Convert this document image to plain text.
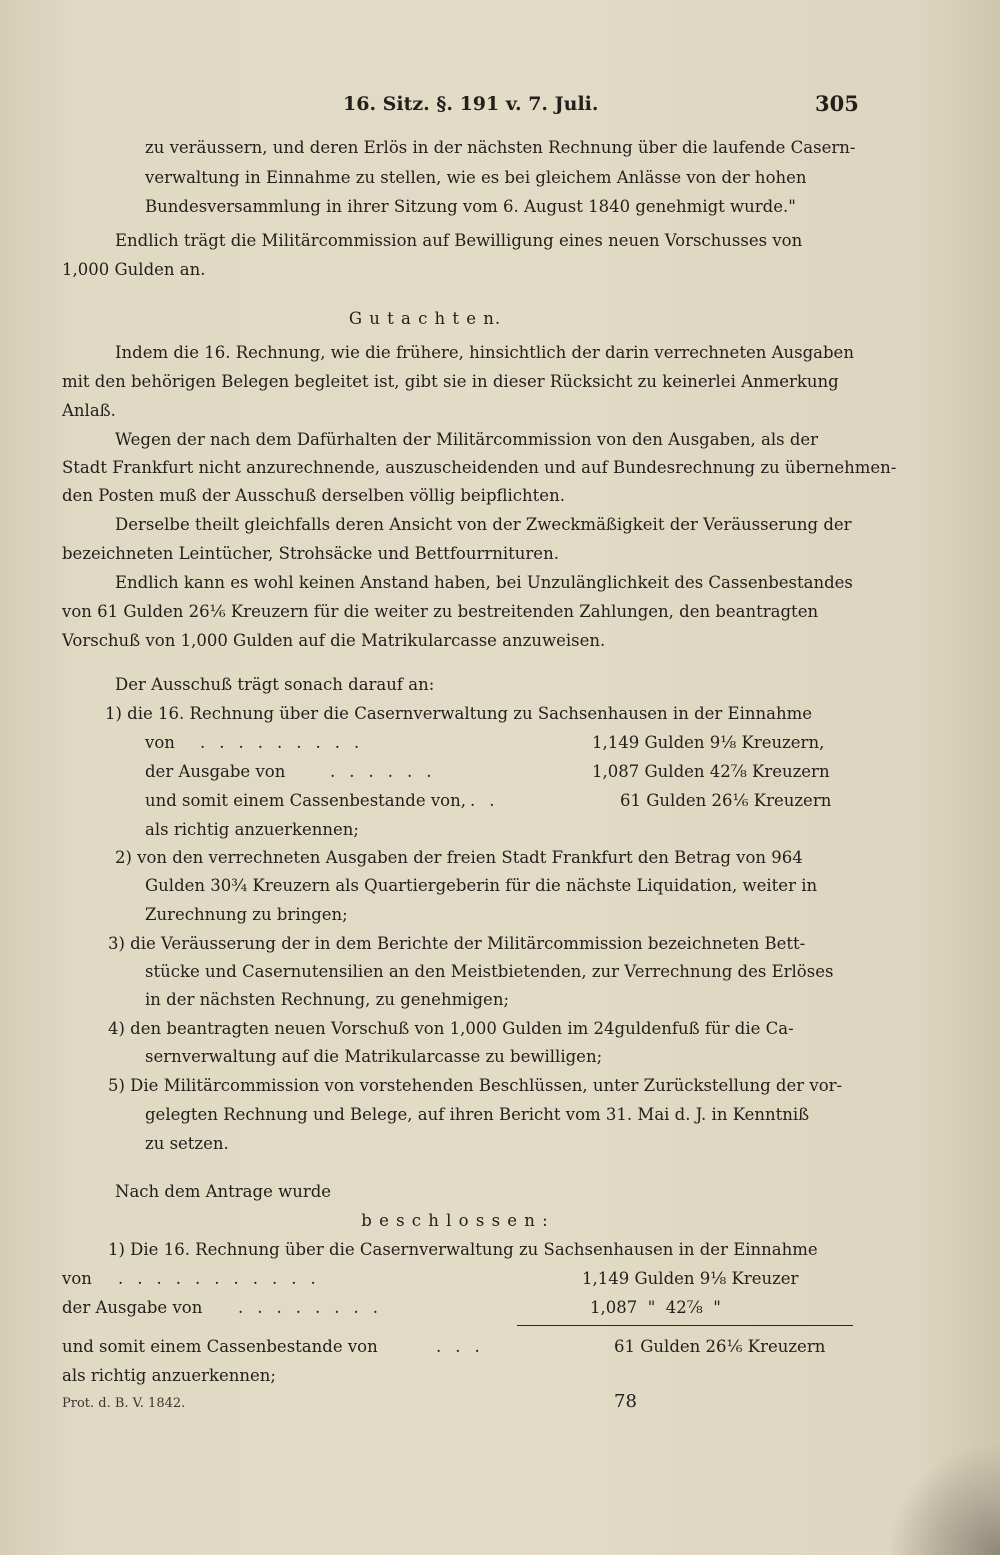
16. Sitz. §. 191 v. 7. Juli.	305
zu veräussern, und deren Erlös in der nächsten Rechnung über die laufende Casern-
verwaltung in Einnahme zu stellen, wie es bei gleichem Anlässe von der hohen
Bundesversammlung in ihrer Sitzung vom 6. August 1840 genehmigt wurde."
Endlich trägt die Militärcommission auf Bewilligung eines neuen Vorschusses von
1,000 Gulden an.
G u t a c h t e n.
Indem die 16. Rechnung, wie die frühere, hinsichtlich der darin verrechneten Ausgaben
mit den behörigen Belegen begleitet ist, gibt sie in dieser Rücksicht zu keinerlei Anmerkung
Anlaß.
Wegen der nach dem Dafürhalten der Militärcommission von den Ausgaben, als der
Stadt Frankfurt nicht anzurechnende, auszuscheidenden und auf Bundesrechnung zu übernehmen-
den Posten muß der Ausschuß derselben völlig beipflichten.
Derselbe theilt gleichfalls deren Ansicht von der Zweckmäßigkeit der Veräusserung der
bezeichneten Leintücher, Strohsäcke und Bettfourrnituren.
Endlich kann es wohl keinen Anstand haben, bei Unzulänglichkeit des Cassenbestandes
von 61 Gulden 26⅙ Kreuzern für die weiter zu bestreitenden Zahlungen, den beantragten
Vorschuß von 1,000 Gulden auf die Matrikularcasse anzuweisen.
Der Ausschuß trägt sonach darauf an:
1) die 16. Rechnung über die Casernverwaltung zu Sachsenhausen in der Einnahme
von .........	1,149 Gulden 9⅛ Kreuzern,
der Ausgabe von	......	1,087 Gulden 42⅞ Kreuzern
und somit einem Cassenbestande von, ..	61 Gulden 26⅙ Kreuzern
als richtig anzuerkennen;
2) von den verrechneten Ausgaben der freien Stadt Frankfurt den Betrag von 964
Gulden 30¾ Kreuzern als Quartiergeberin für die nächste Liquidation, weiter in
Zurechnung zu bringen;
3) die Veräusserung der in dem Berichte der Militärcommission bezeichneten Bett-
stücke und Casernutensilien an den Meistbietenden, zur Verrechnung des Erlöses
in der nächsten Rechnung, zu genehmigen;
4) den beantragten neuen Vorschuß von 1,000 Gulden im 24guldenfuß für die Ca-
sernverwaltung auf die Matrikularcasse zu bewilligen;
5) Die Militärcommission von vorstehenden Beschlüssen, unter Zurückstellung der vor-
gelegten Rechnung und Belege, auf ihren Bericht vom 31. Mai d. J. in Kenntniß
zu setzen.
Nach dem Antrage wurde
b e s c h l o s s e n :
1) Die 16. Rechnung über die Casernverwaltung zu Sachsenhausen in der Einnahme
von ...........	1,149 Gulden 9⅛ Kreuzer
der Ausgabe von ........	1,087  "  42⅞  "
und somit einem Cassenbestande von	...	61 Gulden 26⅙ Kreuzern
als richtig anzuerkennen;
Prot. d. B. V. 1842.	78
